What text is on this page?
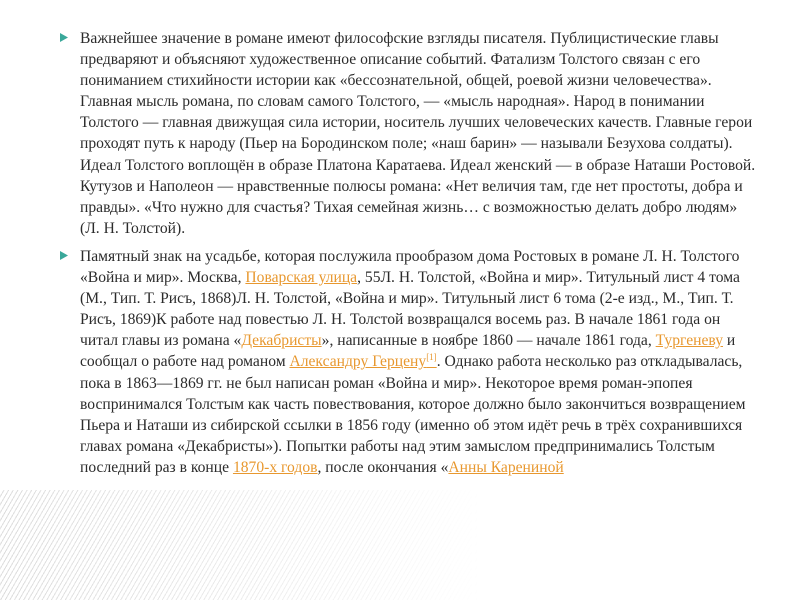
Важнейшее значение в романе имеют философские взгляды писателя. Публицистические главы предваряют и объясняют художественное описание событий. Фатализм Толстого связан с его пониманием стихийности истории как «бессознательной, общей, роевой жизни человечества». Главная мысль романа, по словам самого Толстого, — «мысль народная». Народ в понимании Толстого — главная движущая сила истории, носитель лучших человеческих качеств. Главные герои проходят путь к народу (Пьер на Бородинском поле; «наш барин» — называли Безухова солдаты). Идеал Толстого воплощён в образе Платона Каратаева. Идеал женский — в образе Наташи Ростовой. Кутузов и Наполеон — нравственные полюсы романа: «Нет величия там, где нет простоты, добра и правды». «Что нужно для счастья? Тихая семейная жизнь… с возможностью делать добро людям» (Л. Н. Толстой).
Памятный знак на усадьбе, которая послужила прообразом дома Ростовых в романе Л. Н. Толстого «Война и мир». Москва, Поварская улица, 55Л. Н. Толстой, «Война и мир». Титульный лист 4 тома (М., Тип. Т. Рисъ, 1868)Л. Н. Толстой, «Война и мир». Титульный лист 6 тома (2-е изд., М., Тип. Т. Рисъ, 1869)К работе над повестью Л. Н. Толстой возвращался восемь раз. В начале 1861 года он читал главы из романа «Декабристы», написанные в ноябре 1860 — начале 1861 года, Тургеневу и сообщал о работе над романом Александру Герцену[1]. Однако работа несколько раз откладывалась, пока в 1863—1869 гг. не был написан роман «Война и мир». Некоторое время роман-эпопея воспринимался Толстым как часть повествования, которое должно было закончиться возвращением Пьера и Наташи из сибирской ссылки в 1856 году (именно об этом идёт речь в трёх сохранившихся главах романа «Декабристы»). Попытки работы над этим замыслом предпринимались Толстым последний раз в конце 1870-х годов, после окончания «Анны Карениной
